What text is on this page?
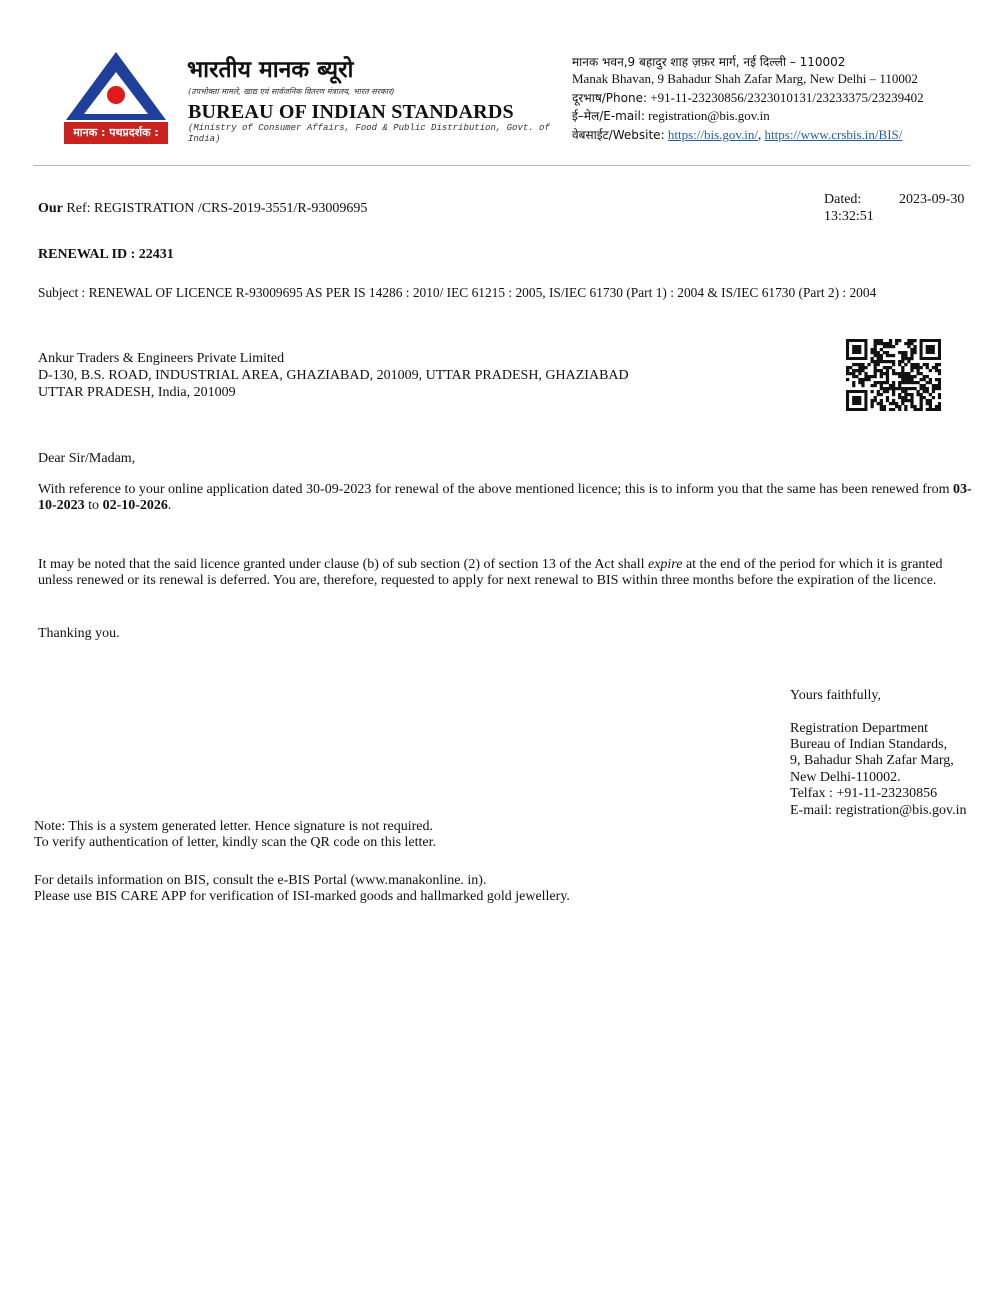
मानक : पथप्रदर्शक :
भारतीय मानक ब्यूरो
(उपभोक्ता मामले, खाद्य एवं सार्वजनिक वितरण मंत्रालय, भारत सरकार)
BUREAU OF INDIAN STANDARDS
(Ministry of Consumer Affairs, Food & Public Distribution, Govt. of India)
मानक भवन,9 बहादुर शाह ज़फ़र मार्ग, नई दिल्ली – 110002
Manak Bhavan, 9 Bahadur Shah Zafar Marg, New Delhi – 110002
दूरभाष/Phone: +91-11-23230856/2323010131/23233375/23239402
ई–मेल/E-mail: registration@bis.gov.in
वेबसाईट/Website: https://bis.gov.in/, https://www.crsbis.in/BIS/
Our Ref: REGISTRATION /CRS-2019-3551/R-93009695
Dated:	2023-09-30
13:32:51
RENEWAL ID : 22431
Subject : RENEWAL OF LICENCE R-93009695 AS PER IS 14286 : 2010/ IEC 61215 : 2005, IS/IEC 61730 (Part 1) : 2004 & IS/IEC 61730 (Part 2) : 2004
Ankur Traders & Engineers Private Limited
D-130, B.S. ROAD, INDUSTRIAL AREA, GHAZIABAD, 201009, UTTAR PRADESH, GHAZIABAD
UTTAR PRADESH, India, 201009
Dear Sir/Madam,
With reference to your online application dated 30-09-2023 for renewal of the above mentioned licence; this is to inform you that the same has been renewed from 03-10-2023 to 02-10-2026.
It may be noted that the said licence granted under clause (b) of sub section (2) of section 13 of the Act shall expire at the end of the period for which it is granted unless renewed or its renewal is deferred. You are, therefore, requested to apply for next renewal to BIS within three months before the expiration of the licence.
Thanking you.
Yours faithfully,
Registration Department
Bureau of Indian Standards,
9, Bahadur Shah Zafar Marg,
New Delhi-110002.
Telfax : +91-11-23230856
E-mail: registration@bis.gov.in
Note: This is a system generated letter. Hence signature is not required.
To verify authentication of letter, kindly scan the QR code on this letter.
For details information on BIS, consult the e-BIS Portal (www.manakonline. in).
Please use BIS CARE APP for verification of ISI-marked goods and hallmarked gold jewellery.
